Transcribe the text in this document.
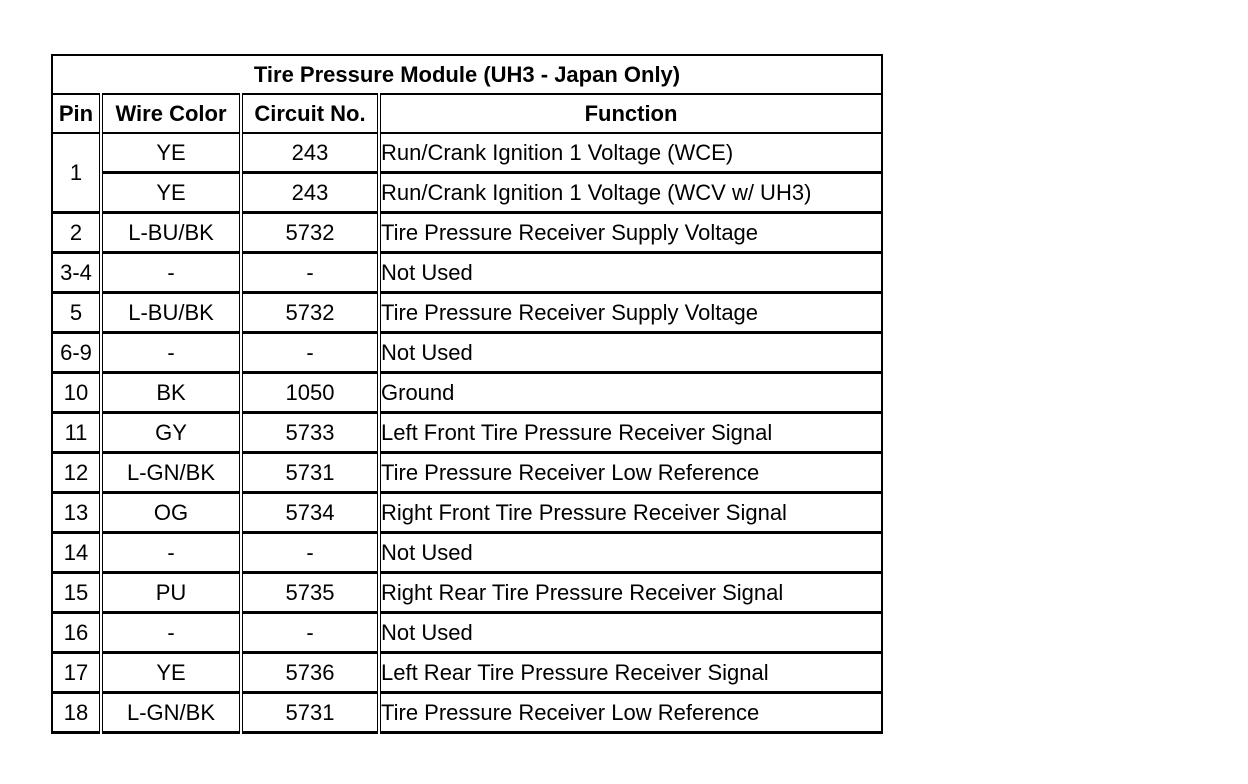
Tire Pressure Module (UH3 - Japan Only)			
Pin	Wire Color	Circuit No.	Function
1	YE	243	Run/Crank Ignition 1 Voltage (WCE)
	YE	243	Run/Crank Ignition 1 Voltage (WCV w/ UH3)
2	L-BU/BK	5732	Tire Pressure Receiver Supply Voltage
3-4	-	-	Not Used
5	L-BU/BK	5732	Tire Pressure Receiver Supply Voltage
6-9	-	-	Not Used
10	BK	1050	Ground
11	GY	5733	Left Front Tire Pressure Receiver Signal
12	L-GN/BK	5731	Tire Pressure Receiver Low Reference
13	OG	5734	Right Front Tire Pressure Receiver Signal
14	-	-	Not Used
15	PU	5735	Right Rear Tire Pressure Receiver Signal
16	-	-	Not Used
17	YE	5736	Left Rear Tire Pressure Receiver Signal
18	L-GN/BK	5731	Tire Pressure Receiver Low Reference
